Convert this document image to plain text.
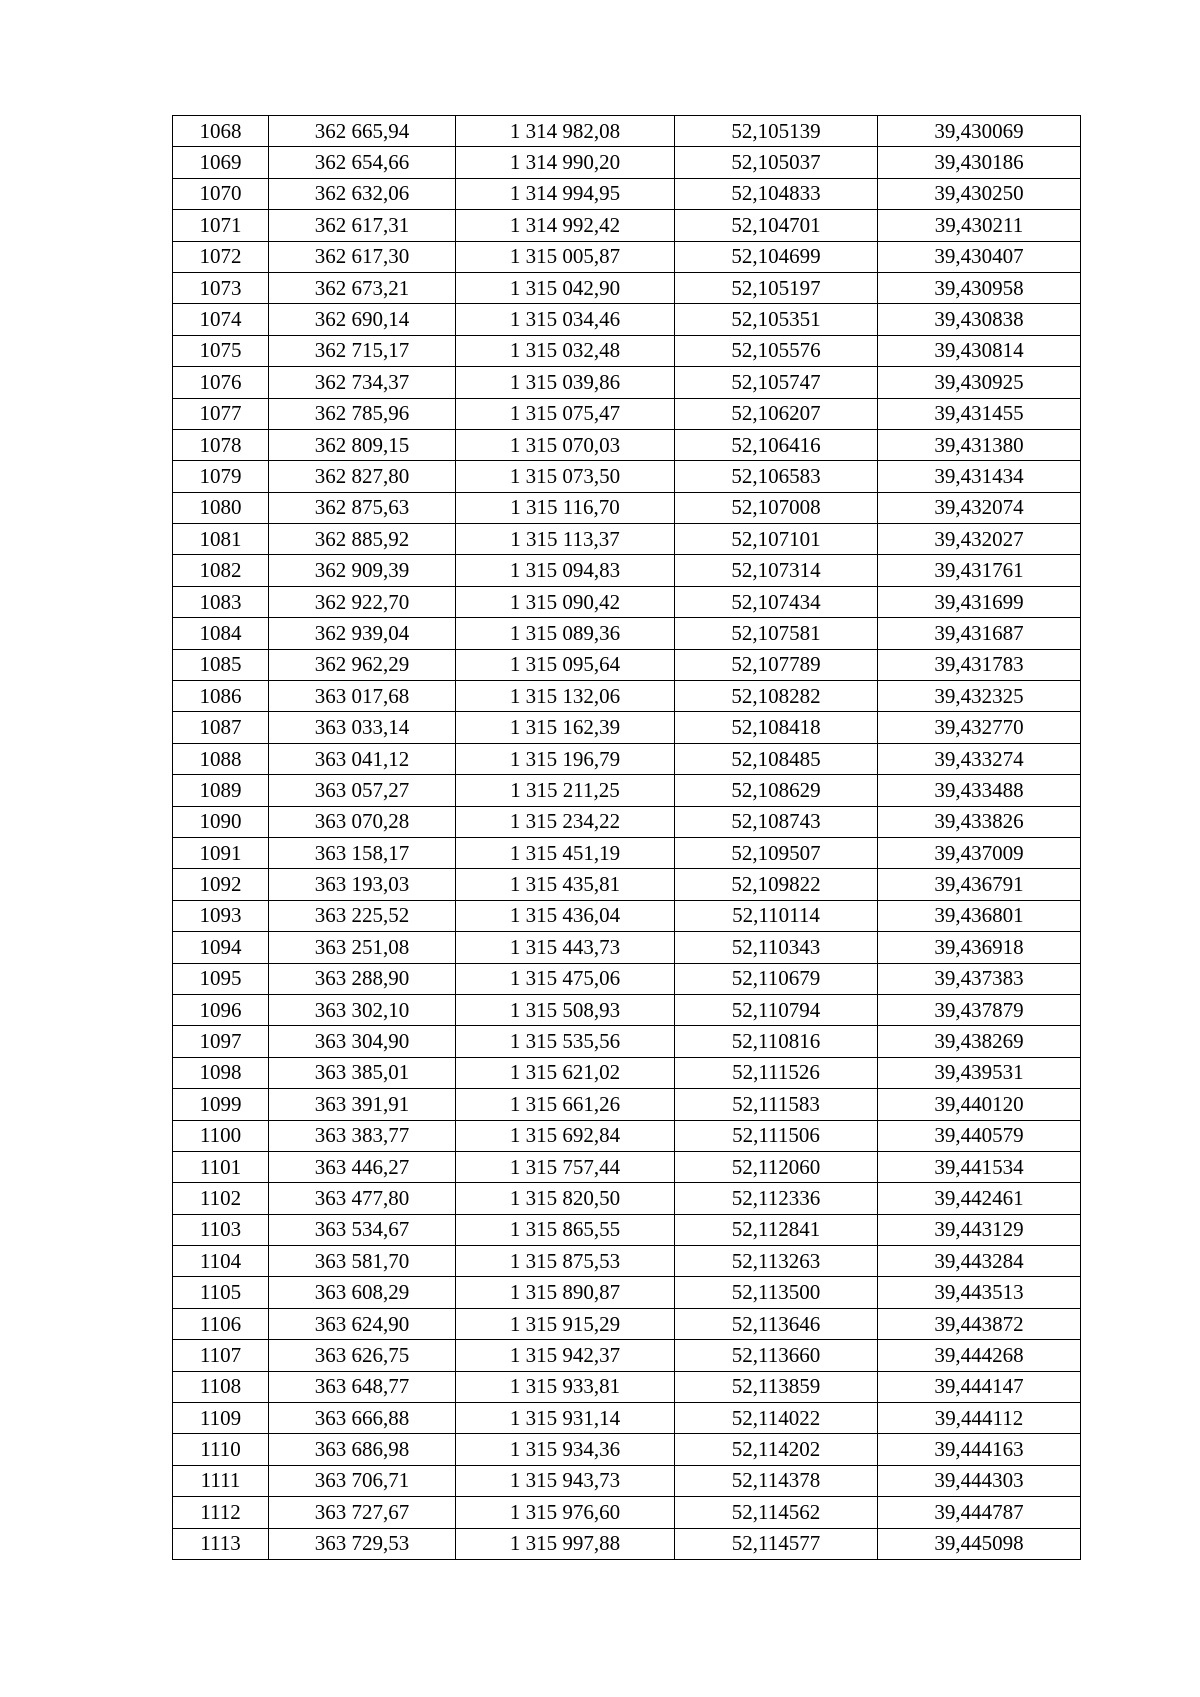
1068	362 665,94	1 314 982,08	52,105139	39,430069
1069	362 654,66	1 314 990,20	52,105037	39,430186
1070	362 632,06	1 314 994,95	52,104833	39,430250
1071	362 617,31	1 314 992,42	52,104701	39,430211
1072	362 617,30	1 315 005,87	52,104699	39,430407
1073	362 673,21	1 315 042,90	52,105197	39,430958
1074	362 690,14	1 315 034,46	52,105351	39,430838
1075	362 715,17	1 315 032,48	52,105576	39,430814
1076	362 734,37	1 315 039,86	52,105747	39,430925
1077	362 785,96	1 315 075,47	52,106207	39,431455
1078	362 809,15	1 315 070,03	52,106416	39,431380
1079	362 827,80	1 315 073,50	52,106583	39,431434
1080	362 875,63	1 315 116,70	52,107008	39,432074
1081	362 885,92	1 315 113,37	52,107101	39,432027
1082	362 909,39	1 315 094,83	52,107314	39,431761
1083	362 922,70	1 315 090,42	52,107434	39,431699
1084	362 939,04	1 315 089,36	52,107581	39,431687
1085	362 962,29	1 315 095,64	52,107789	39,431783
1086	363 017,68	1 315 132,06	52,108282	39,432325
1087	363 033,14	1 315 162,39	52,108418	39,432770
1088	363 041,12	1 315 196,79	52,108485	39,433274
1089	363 057,27	1 315 211,25	52,108629	39,433488
1090	363 070,28	1 315 234,22	52,108743	39,433826
1091	363 158,17	1 315 451,19	52,109507	39,437009
1092	363 193,03	1 315 435,81	52,109822	39,436791
1093	363 225,52	1 315 436,04	52,110114	39,436801
1094	363 251,08	1 315 443,73	52,110343	39,436918
1095	363 288,90	1 315 475,06	52,110679	39,437383
1096	363 302,10	1 315 508,93	52,110794	39,437879
1097	363 304,90	1 315 535,56	52,110816	39,438269
1098	363 385,01	1 315 621,02	52,111526	39,439531
1099	363 391,91	1 315 661,26	52,111583	39,440120
1100	363 383,77	1 315 692,84	52,111506	39,440579
1101	363 446,27	1 315 757,44	52,112060	39,441534
1102	363 477,80	1 315 820,50	52,112336	39,442461
1103	363 534,67	1 315 865,55	52,112841	39,443129
1104	363 581,70	1 315 875,53	52,113263	39,443284
1105	363 608,29	1 315 890,87	52,113500	39,443513
1106	363 624,90	1 315 915,29	52,113646	39,443872
1107	363 626,75	1 315 942,37	52,113660	39,444268
1108	363 648,77	1 315 933,81	52,113859	39,444147
1109	363 666,88	1 315 931,14	52,114022	39,444112
1110	363 686,98	1 315 934,36	52,114202	39,444163
1111	363 706,71	1 315 943,73	52,114378	39,444303
1112	363 727,67	1 315 976,60	52,114562	39,444787
1113	363 729,53	1 315 997,88	52,114577	39,445098
